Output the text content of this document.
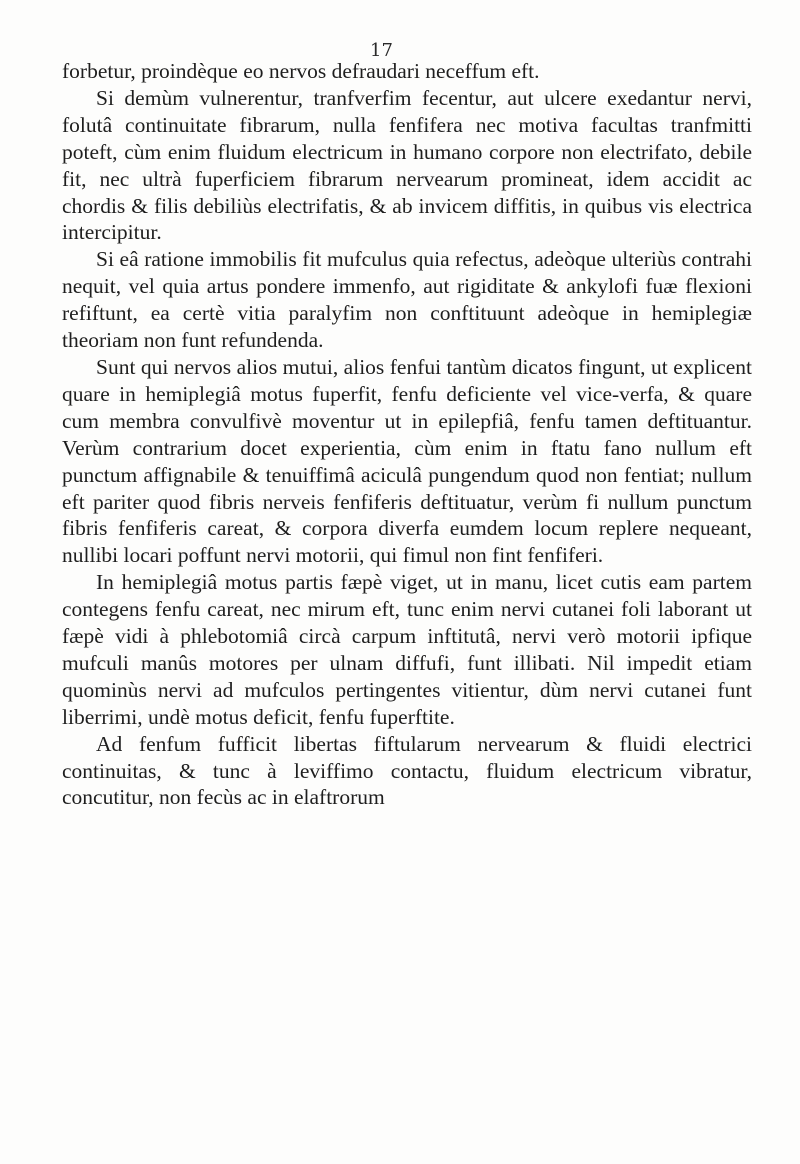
17

forbetur, proindèque eo nervos defraudari neceffum eft.

Si demùm vulnerentur, tranfverfim fecentur, aut ulcere exedantur nervi, folutâ continuitate fibrarum, nulla fenfifera nec motiva facultas tranfmitti poteft, cùm enim fluidum electricum in humano corpore non electrifato, debile fit, nec ultrà fuperficiem fibrarum nervearum promineat, idem accidit ac chordis & filis debiliùs electrifatis, & ab invicem diffitis, in quibus vis electrica intercipitur.

Si eâ ratione immobilis fit mufculus quia refectus, adeòque ulteriùs contrahi nequit, vel quia artus pondere immenfo, aut rigiditate & ankylofi fuæ flexioni refiftunt, ea certè vitia paralyfim non conftituunt adeòque in hemiplegiæ theoriam non funt refundenda.

Sunt qui nervos alios mutui, alios fenfui tantùm dicatos fingunt, ut explicent quare in hemiplegiâ motus fuperfit, fenfu deficiente vel vice-verfa, & quare cum membra convulfivè moventur ut in epilepfiâ, fenfu tamen deftituantur. Verùm contrarium docet experientia, cùm enim in ftatu fano nullum eft punctum affignabile & tenuiffimâ aciculâ pungendum quod non fentiat; nullum eft pariter quod fibris nerveis fenfiferis deftituatur, verùm fi nullum punctum fibris fenfiferis careat, & corpora diverfa eumdem locum replere nequeant, nullibi locari poffunt nervi motorii, qui fimul non fint fenfiferi.

In hemiplegiâ motus partis fæpè viget, ut in manu, licet cutis eam partem contegens fenfu careat, nec mirum eft, tunc enim nervi cutanei foli laborant ut fæpè vidi à phlebotomiâ circà carpum inftitutâ, nervi verò motorii ipfique mufculi manûs motores per ulnam diffufi, funt illibati. Nil impedit etiam quominùs nervi ad mufculos pertingentes vitientur, dùm nervi cutanei funt liberrimi, undè motus deficit, fenfu fuperftite.

Ad fenfum fufficit libertas fiftularum nervearum & fluidi electrici continuitas, & tunc à leviffimo contactu, fluidum electricum vibratur, concutitur, non fecùs ac in elaftrorum
